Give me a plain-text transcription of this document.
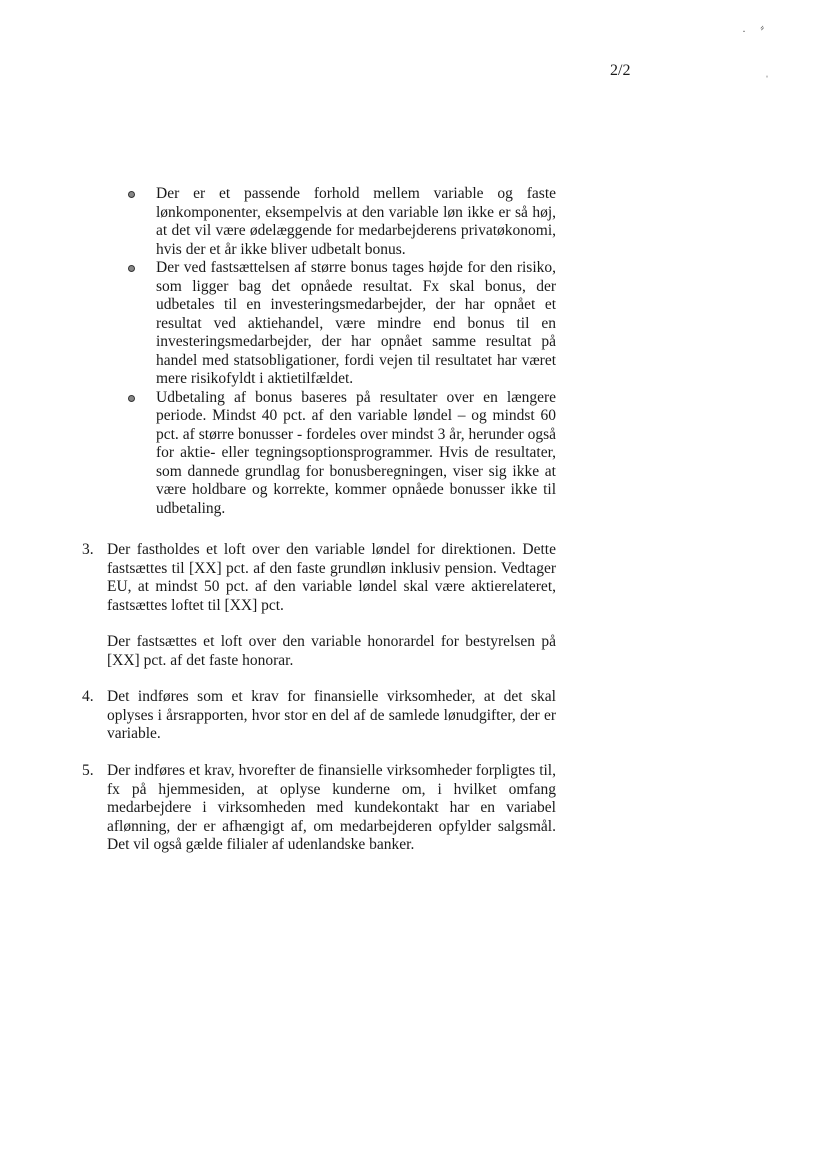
· ⸗
ˌ
2/2
Der er et passende forhold mellem variable og faste lønkomponenter, eksempelvis at den variable løn ikke er så høj, at det vil være ødelæggende for medarbejderens privatøkonomi, hvis der et år ikke bliver udbetalt bonus.
Der ved fastsættelsen af større bonus tages højde for den risiko, som ligger bag det opnåede resultat. Fx skal bonus, der udbetales til en investeringsmedarbejder, der har opnået et resultat ved aktiehandel, være mindre end bonus til en investeringsmedarbejder, der har opnået samme resultat på handel med statsobligationer, fordi vejen til resultatet har været mere risikofyldt i aktietilfældet.
Udbetaling af bonus baseres på resultater over en længere periode. Mindst 40 pct. af den variable løndel – og mindst 60 pct. af større bonusser - fordeles over mindst 3 år, herunder også for aktie- eller tegningsoptionsprogrammer. Hvis de resultater, som dannede grundlag for bonusberegningen, viser sig ikke at være holdbare og korrekte, kommer opnåede bonusser ikke til udbetaling.
3. Der fastholdes et loft over den variable løndel for direktionen. Dette fastsættes til [XX] pct. af den faste grundløn inklusiv pension. Vedtager EU, at mindst 50 pct. af den variable løndel skal være aktierelateret, fastsættes loftet til [XX] pct.

Der fastsættes et loft over den variable honorardel for bestyrelsen på [XX] pct. af det faste honorar.

4. Det indføres som et krav for finansielle virksomheder, at det skal oplyses i årsrapporten, hvor stor en del af de samlede lønudgifter, der er variable.

5. Der indføres et krav, hvorefter de finansielle virksomheder forpligtes til, fx på hjemmesiden, at oplyse kunderne om, i hvilket omfang medarbejdere i virksomheden med kundekontakt har en variabel aflønning, der er afhængigt af, om medarbejderen opfylder salgsmål. Det vil også gælde filialer af udenlandske banker.
